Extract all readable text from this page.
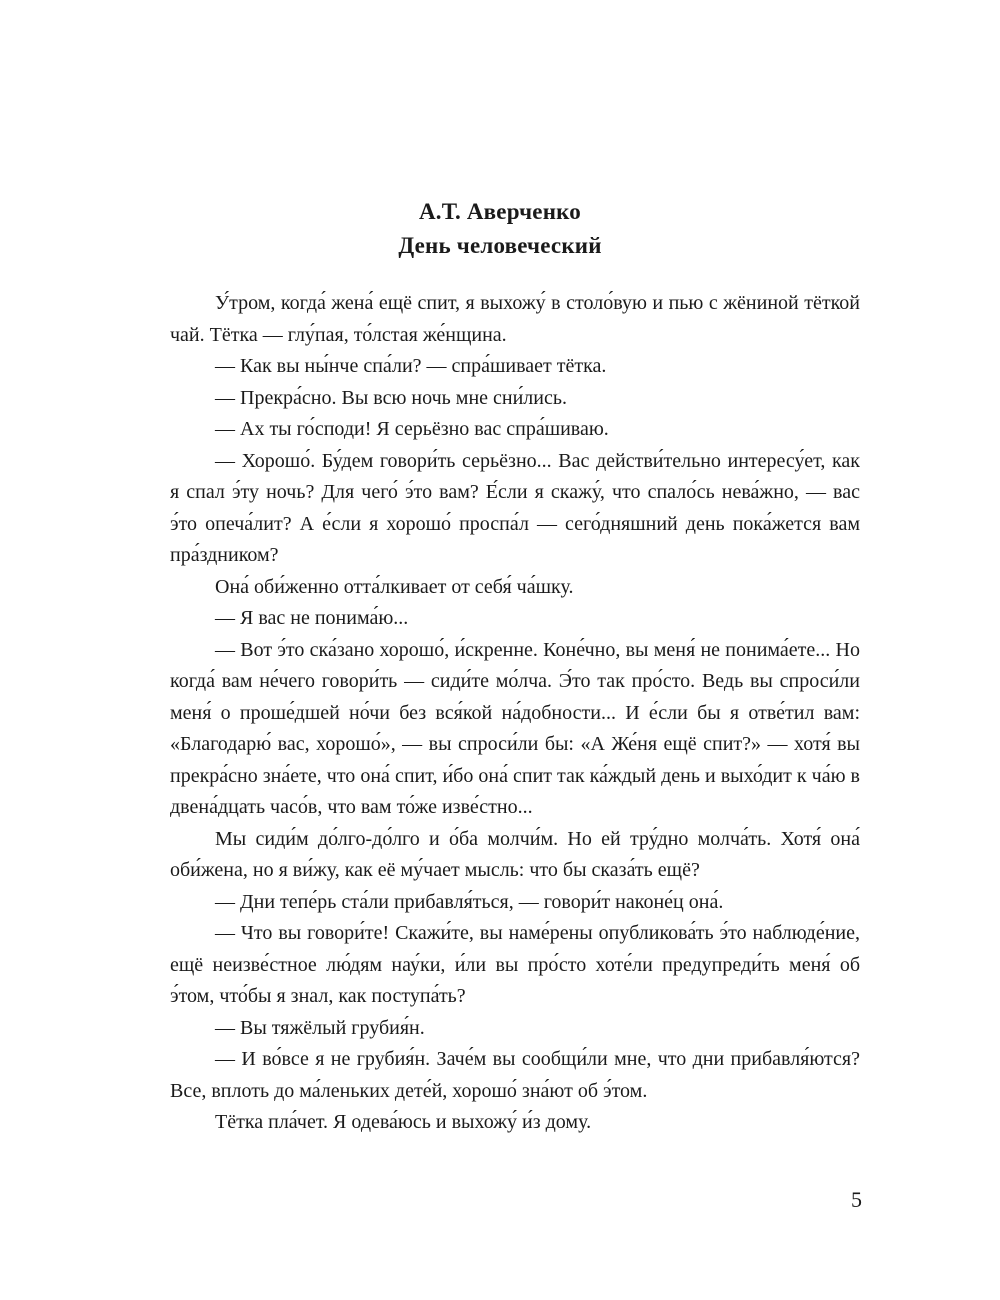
А.Т. Аверченко
День человеческий

У́тром, когда́ жена́ ещё спит, я выхожу́ в столо́вую и пью с жёниной тёткой чай. Тётка — глу́пая, то́лстая же́нщина.

— Как вы ны́нче спа́ли? — спра́шивает тётка.

— Прекра́сно. Вы всю ночь мне сни́лись.

— Ах ты го́споди! Я серьёзно вас спра́шиваю.

— Хорошо́. Бу́дем говори́ть серьёзно... Вас действи́тельно интересу́ет, как я спал э́ту ночь? Для чего́ э́то вам? Е́сли я скажу́, что спало́сь нева́жно, — вас э́то опеча́лит? А е́сли я хорошо́ проспа́л — сего́дняшний день пока́жется вам пра́здником?

Она́ оби́женно отта́лкивает от себя́ ча́шку.

— Я вас не понима́ю...

— Вот э́то ска́зано хорошо́, и́скренне. Коне́чно, вы меня́ не понима́ете... Но когда́ вам не́чего говори́ть — сиди́те мо́лча. Э́то так про́сто. Ведь вы спроси́ли меня́ о проше́дшей но́чи без вся́кой на́добности... И е́сли бы я отве́тил вам: «Благодарю́ вас, хорошо́», — вы спроси́ли бы: «А Же́ня ещё спит?» — хотя́ вы прекра́сно зна́ете, что она́ спит, и́бо она́ спит так ка́ждый день и выхо́дит к ча́ю в двена́дцать часо́в, что вам то́же изве́стно...

Мы сиди́м до́лго-до́лго и о́ба молчи́м. Но ей тру́дно молча́ть. Хотя́ она́ оби́жена, но я ви́жу, как её му́чает мысль: что бы сказа́ть ещё?

— Дни тепе́рь ста́ли прибавля́ться, — говори́т наконе́ц она́.

— Что вы говори́те! Скажи́те, вы наме́рены опубликова́ть э́то наблюде́ние, ещё неизве́стное лю́дям нау́ки, и́ли вы про́сто хоте́ли предупреди́ть меня́ об э́том, что́бы я знал, как поступа́ть?

— Вы тяжёлый грубия́н.

— И во́все я не грубия́н. Заче́м вы сообщи́ли мне, что дни прибавля́ются? Все, вплоть до ма́леньких дете́й, хорошо́ зна́ют об э́том.

Тётка пла́чет. Я одева́юсь и выхожу́ и́з дому.

5
